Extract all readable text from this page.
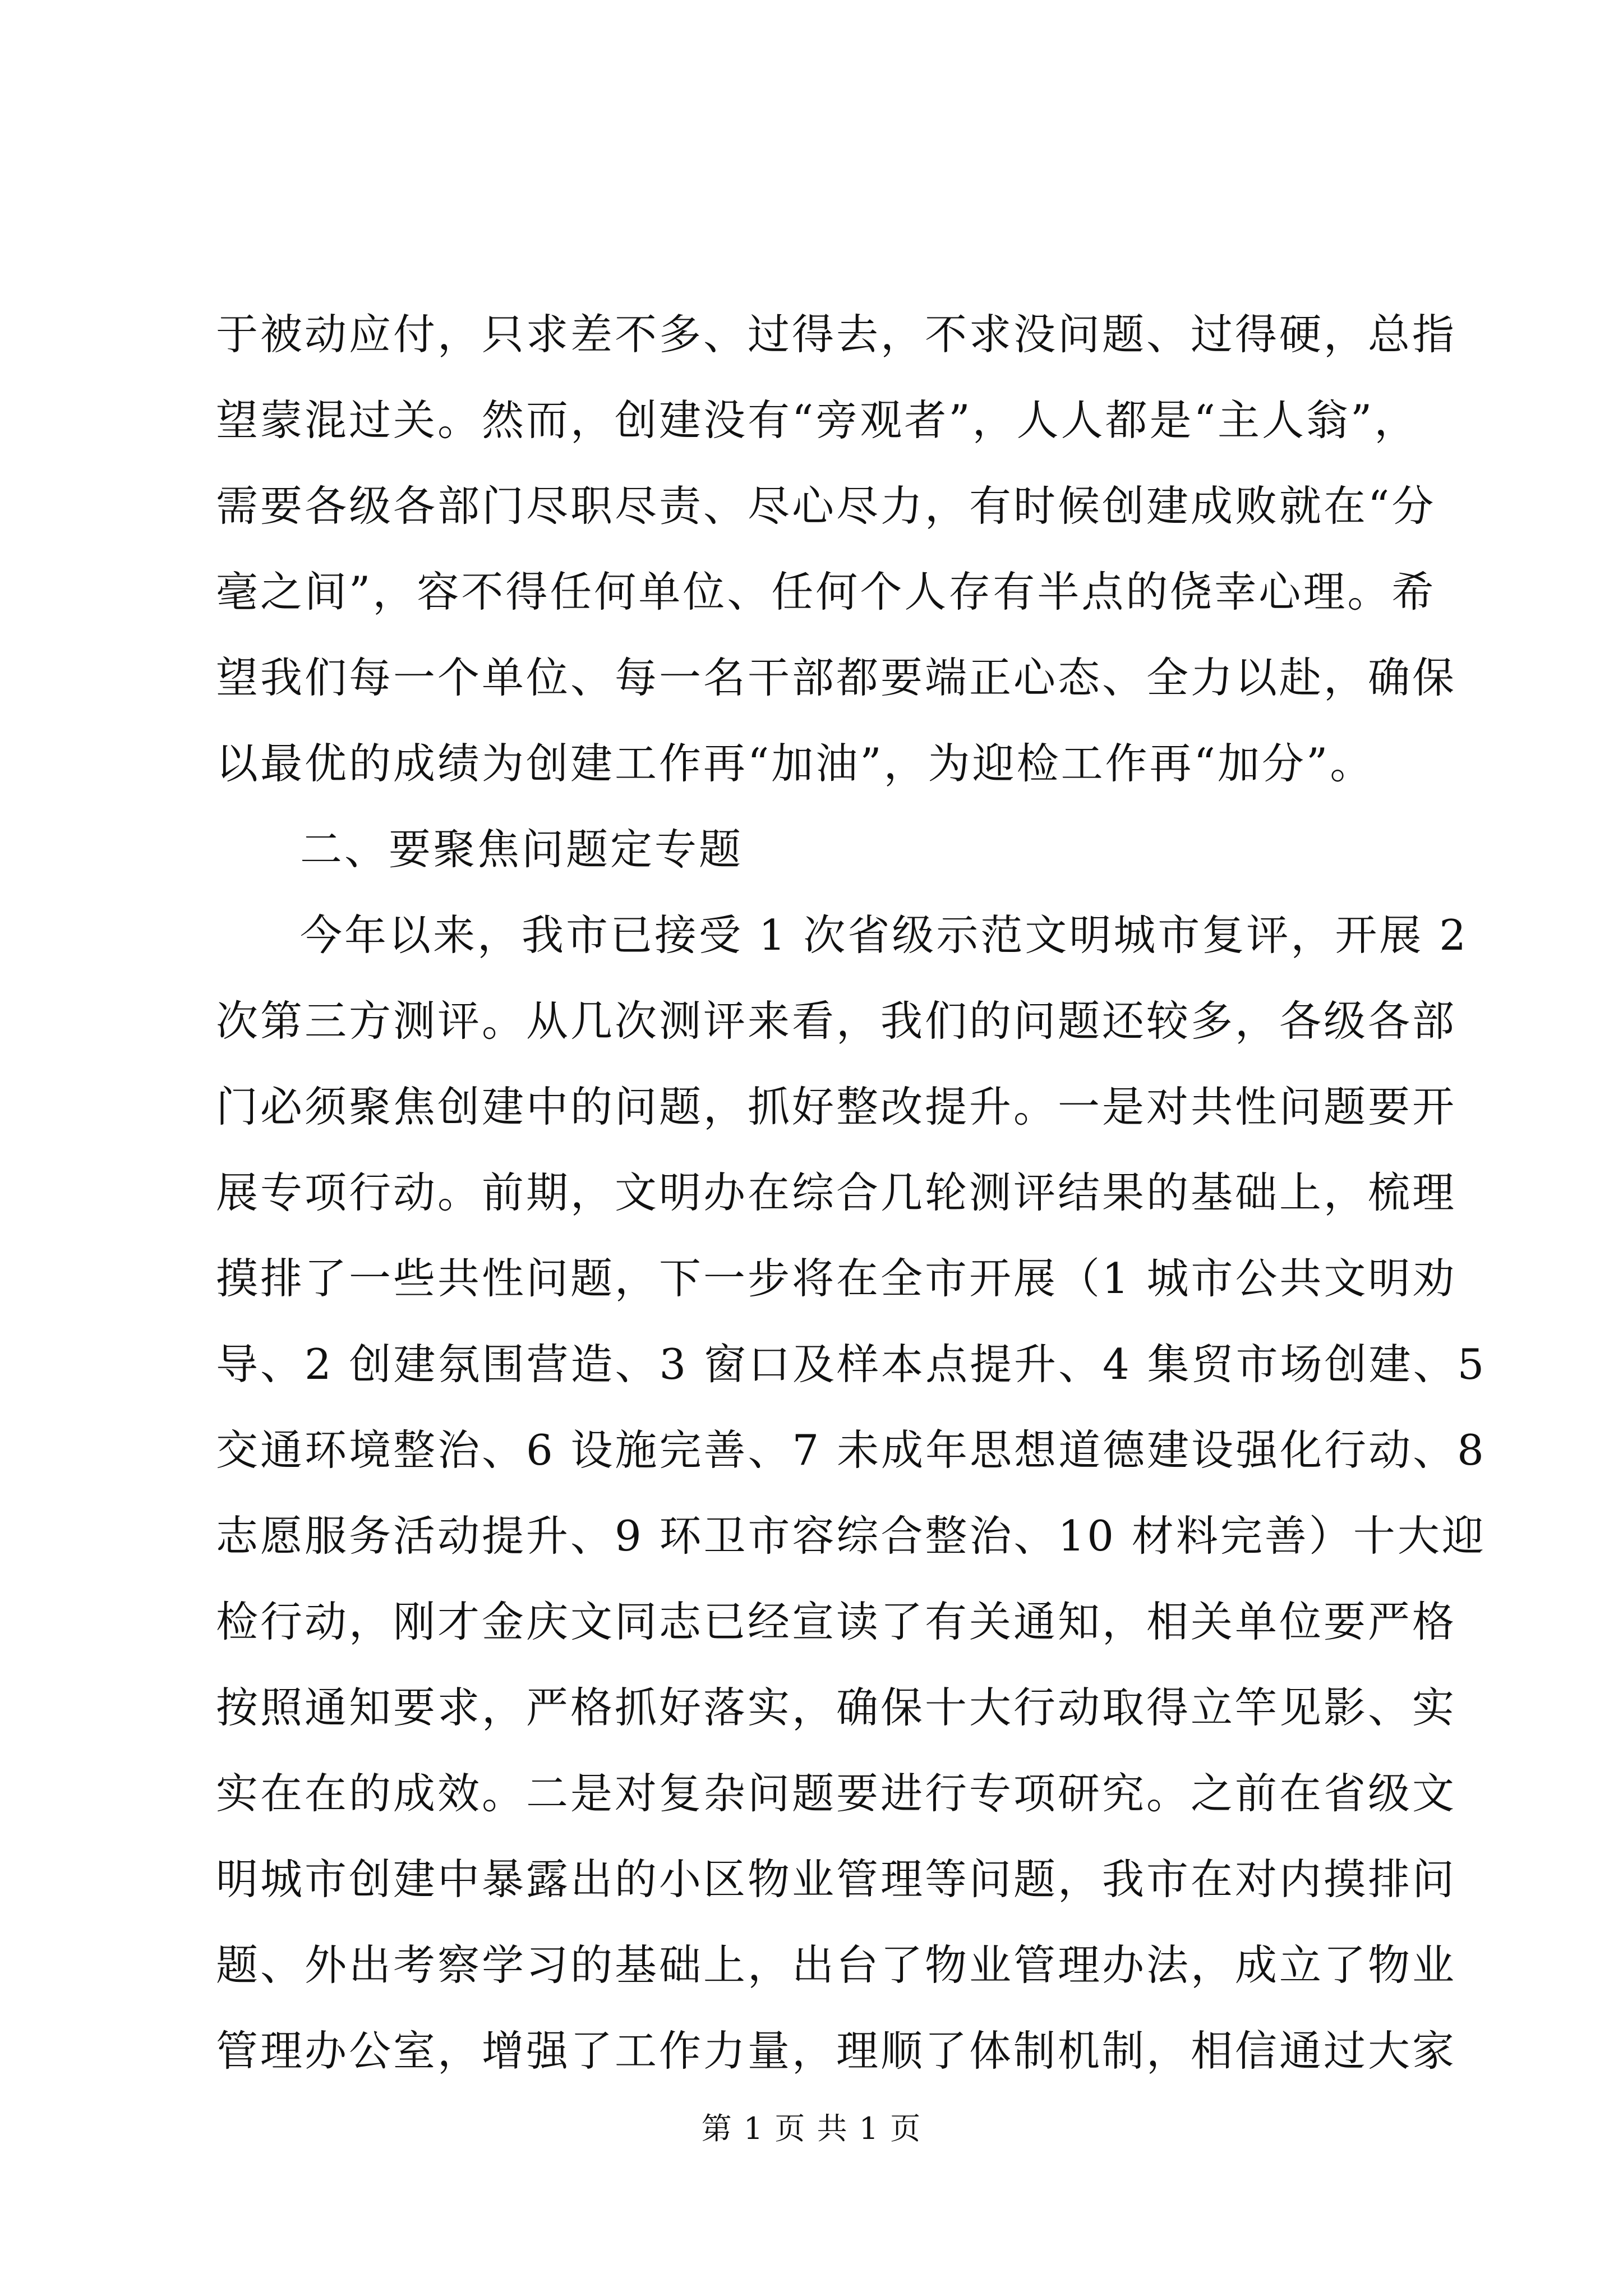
于被动应付，只求差不多、过得去，不求没问题、过得硬，总指
望蒙混过关。然而，创建没有“旁观者”，人人都是“主人翁”，
需要各级各部门尽职尽责、尽心尽力，有时候创建成败就在“分
毫之间”，容不得任何单位、任何个人存有半点的侥幸心理。希
望我们每一个单位、每一名干部都要端正心态、全力以赴，确保
以最优的成绩为创建工作再“加油”，为迎检工作再“加分”。
二、要聚焦问题定专题
今年以来，我市已接受 1 次省级示范文明城市复评，开展 2
次第三方测评。从几次测评来看，我们的问题还较多，各级各部
门必须聚焦创建中的问题，抓好整改提升。一是对共性问题要开
展专项行动。前期，文明办在综合几轮测评结果的基础上，梳理
摸排了一些共性问题，下一步将在全市开展（1 城市公共文明劝
导、2 创建氛围营造、3 窗口及样本点提升、4 集贸市场创建、5
交通环境整治、6 设施完善、7 未成年思想道德建设强化行动、8
志愿服务活动提升、9 环卫市容综合整治、10 材料完善）十大迎
检行动，刚才金庆文同志已经宣读了有关通知，相关单位要严格
按照通知要求，严格抓好落实，确保十大行动取得立竿见影、实
实在在的成效。二是对复杂问题要进行专项研究。之前在省级文
明城市创建中暴露出的小区物业管理等问题，我市在对内摸排问
题、外出考察学习的基础上，出台了物业管理办法，成立了物业
管理办公室，增强了工作力量，理顺了体制机制，相信通过大家
第 1 页 共 1 页
